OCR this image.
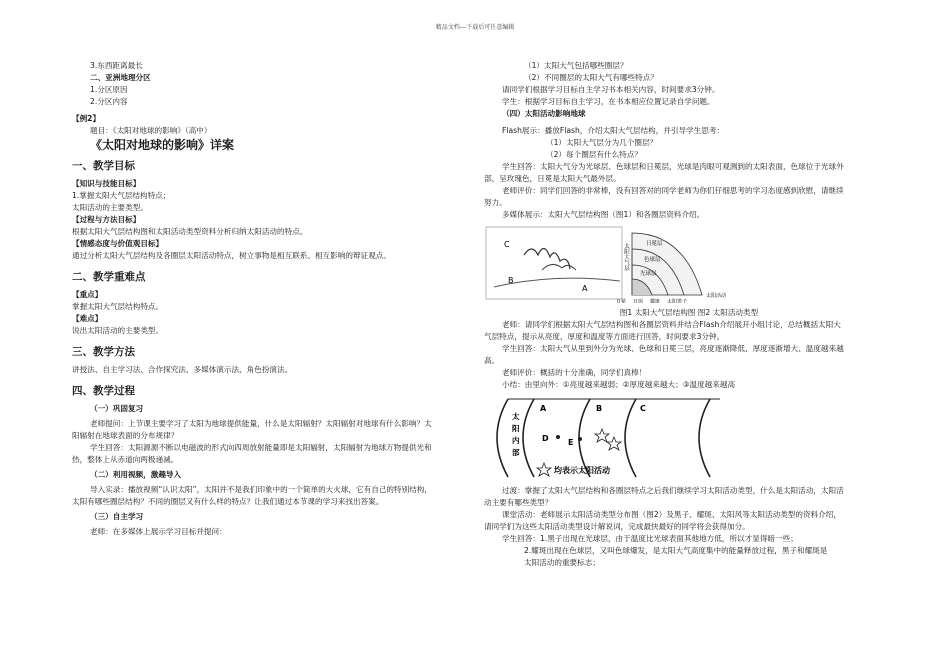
精品文档---下载后可任意编辑
3.东西距离最长
二、亚洲地理分区
1.分区原因
2.分区内容
【例2】
题目：《太阳对地球的影响》（高中）
《太阳对地球的影响》详案
一、教学目标
【知识与技能目标】
1.掌握太阳大气层结构特点；
太阳活动的主要类型。
【过程与方法目标】
根据太阳大气层结构图和太阳活动类型资料分析归纳太阳活动的特点。
【情感态度与价值观目标】
通过分析太阳大气层结构及各圈层太阳活动特点，树立事物是相互联系、相互影响的辩证观点。
二、教学重难点
【重点】
掌握太阳大气层结构特点。
【难点】
说出太阳活动的主要类型。
三、教学方法
讲授法、自主学习法、合作探究法、多媒体演示法、角色扮演法。
四、教学过程
（一）巩固复习
老师提问：上节课主要学习了太阳为地球提供能量，什么是太阳辐射？太阳辐射对地球有什么影响？太
阳辐射在地球表面的分布规律？
学生回答：太阳源源不断以电磁波的形式向四周放射能量即是太阳辐射，太阳辐射为地球万物提供光和
热，整体上从赤道向两极递减。
（二）利用视频，激趣导入
导入实录：播放视频“认识太阳”，太阳并不是我们印象中的一个简单的大火球，它有自己的特别结构，
太阳有哪些圈层结构？不同的圈层又有什么样的特点？让我们通过本节课的学习来找出答案。
（三）自主学习
老师：在多媒体上展示学习目标并提问：
（1）太阳大气包括哪些圈层？
（2）不同圈层的太阳大气有哪些特点？
请同学们根据学习目标自主学习书本相关内容，时间要求3分钟。
学生：根据学习目标自主学习，在书本相应位置记录自学问题。
（四）太阳活动影响地球
Flash展示：播放Flash，介绍太阳大气层结构，并引导学生思考：
（1）太阳大气层分为几个圈层？
（2）每个圈层有什么特点？
学生回答：太阳大气分为光球层、色球层和日冕层，光球是肉眼可观测到的太阳表面，色球位于光球外
部，呈玫瑰色，日冕是太阳大气最外层。
老师评价：同学们回答的非常棒，没有回答对的同学老师为你们仔细思考的学习态度感到欣慰，请继续
努力。
多媒体展示：太阳大气层结构图（图1）和各圈层资料介绍。
C
B
A
太阳大气层	日冕层
色球层
光球层
日冕 日珥 耀斑 太阳黑子
太阳活动
图1 太阳大气层结构图 图2 太阳活动类型
老师：请同学们根据太阳大气层结构图和各圈层资料并结合Flash介绍展开小组讨论，总结概括太阳大
气层特点，提示从亮度、厚度和温度等方面进行回答，时间要求3分钟。
学生回答：太阳大气从里到外分为光球、色球和日冕三层，亮度逐渐降低、厚度逐渐增大、温度越来越
高。
老师评价：概括的十分准确，同学们真棒！
小结：由里向外：①亮度越来越弱；②厚度越来越大；③温度越来越高
A	B	C
D E
太
阳
内
部
均表示太阳活动
过渡：掌握了太阳大气层结构和各圈层特点之后我们继续学习太阳活动类型，什么是太阳活动，太阳活
动主要有哪些类型？
课堂活动：老师展示太阳活动类型分布图（图2）及黑子、耀斑、太阳风等太阳活动类型的资料介绍，
请同学们为这些太阳活动类型设计解说词，完成最快最好的同学将会获得加分。
学生回答：1.黑子出现在光球层，由于温度比光球表面其他地方低，所以才显得暗一些；
2.耀斑出现在色球层，又叫色球爆发，是太阳大气高度集中的能量释放过程，黑子和耀斑是
太阳活动的重要标志；
